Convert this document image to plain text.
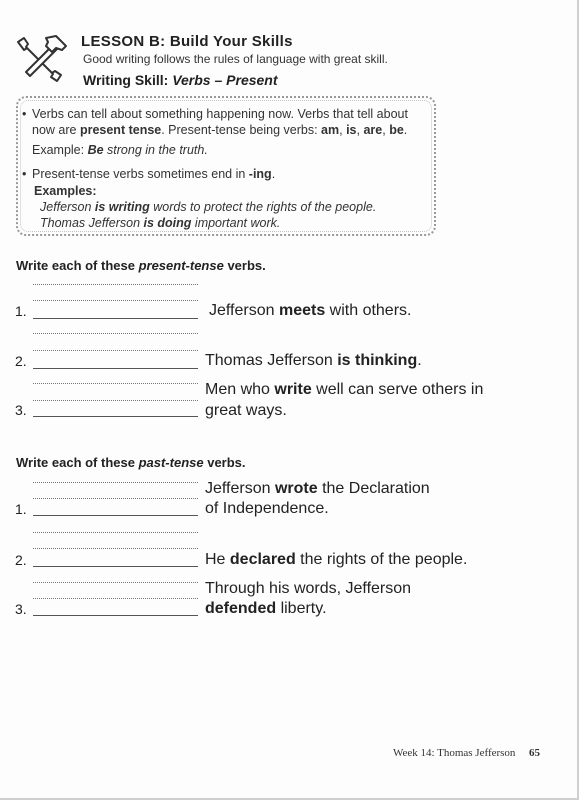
LESSON B: Build Your Skills
Good writing follows the rules of language with great skill.
Writing Skill: Verbs – Present
• Verbs can tell about something happening now. Verbs that tell about
now are present tense. Present-tense being verbs: am, is, are, be.
Example: Be strong in the truth.
• Present-tense verbs sometimes end in -ing.
Examples:
Jefferson is writing words to protect the rights of the people.
Thomas Jefferson is doing important work.
Write each of these present-tense verbs.
1.	Jefferson meets with others.
2.	Thomas Jefferson is thinking.
3.
Men who write well can serve others in
great ways.
Write each of these past-tense verbs.
1.
Jefferson wrote the Declaration
of Independence.
2.	He declared the rights of the people.
3.
Through his words, Jefferson
defended liberty.
Week 14: Thomas Jefferson 65
